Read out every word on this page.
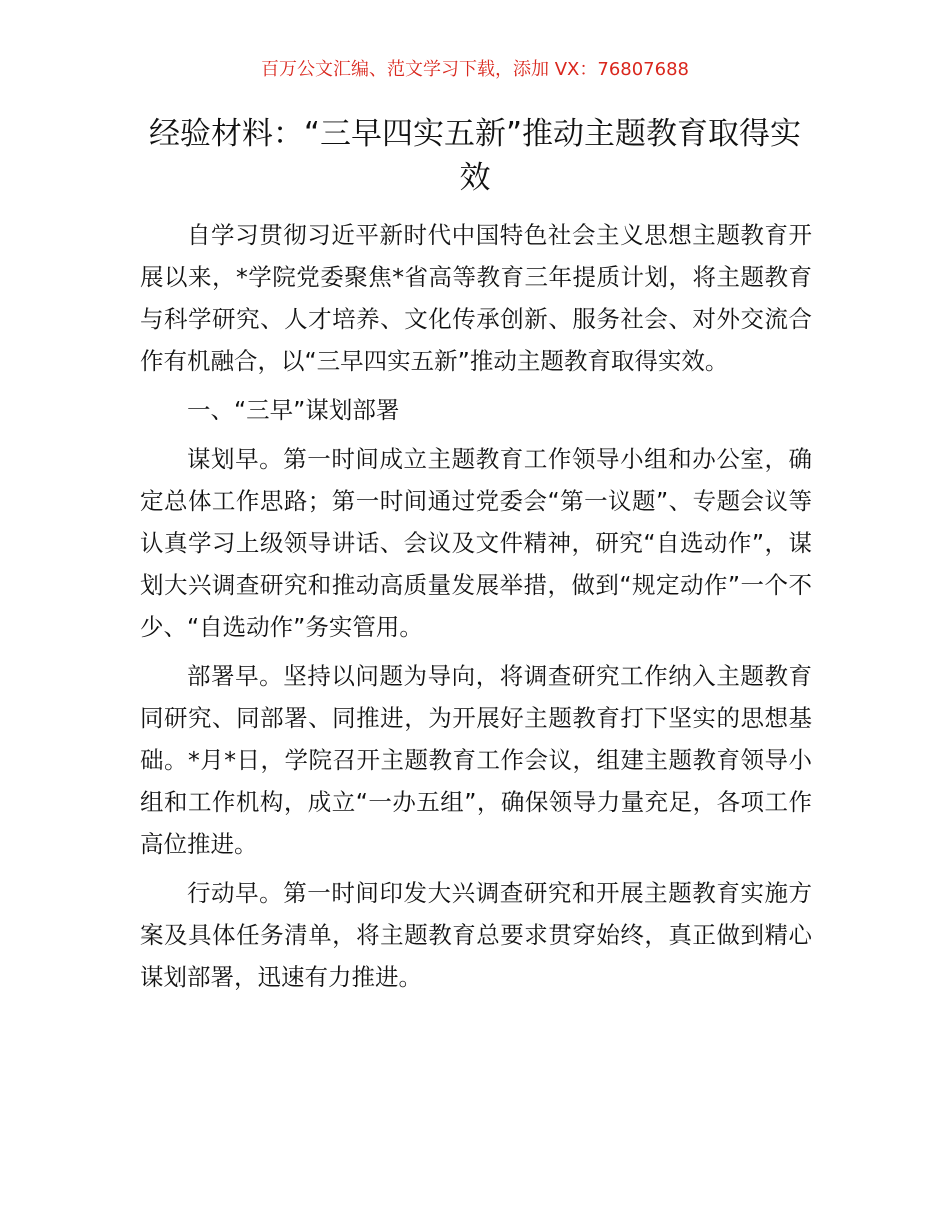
百万公文汇编、范文学习下载，添加 VX：76807688
经验材料：“三早四实五新”推动主题教育取得实效

自学习贯彻习近平新时代中国特色社会主义思想主题教育开展以来，*学院党委聚焦*省高等教育三年提质计划，将主题教育与科学研究、人才培养、文化传承创新、服务社会、对外交流合作有机融合，以“三早四实五新”推动主题教育取得实效。

一、“三早”谋划部署

谋划早。第一时间成立主题教育工作领导小组和办公室，确定总体工作思路；第一时间通过党委会“第一议题”、专题会议等认真学习上级领导讲话、会议及文件精神，研究“自选动作”，谋划大兴调查研究和推动高质量发展举措，做到“规定动作”一个不少、“自选动作”务实管用。

部署早。坚持以问题为导向，将调查研究工作纳入主题教育同研究、同部署、同推进，为开展好主题教育打下坚实的思想基础。*月*日，学院召开主题教育工作会议，组建主题教育领导小组和工作机构，成立“一办五组”，确保领导力量充足，各项工作高位推进。

行动早。第一时间印发大兴调查研究和开展主题教育实施方案及具体任务清单，将主题教育总要求贯穿始终，真正做到精心谋划部署，迅速有力推进。
